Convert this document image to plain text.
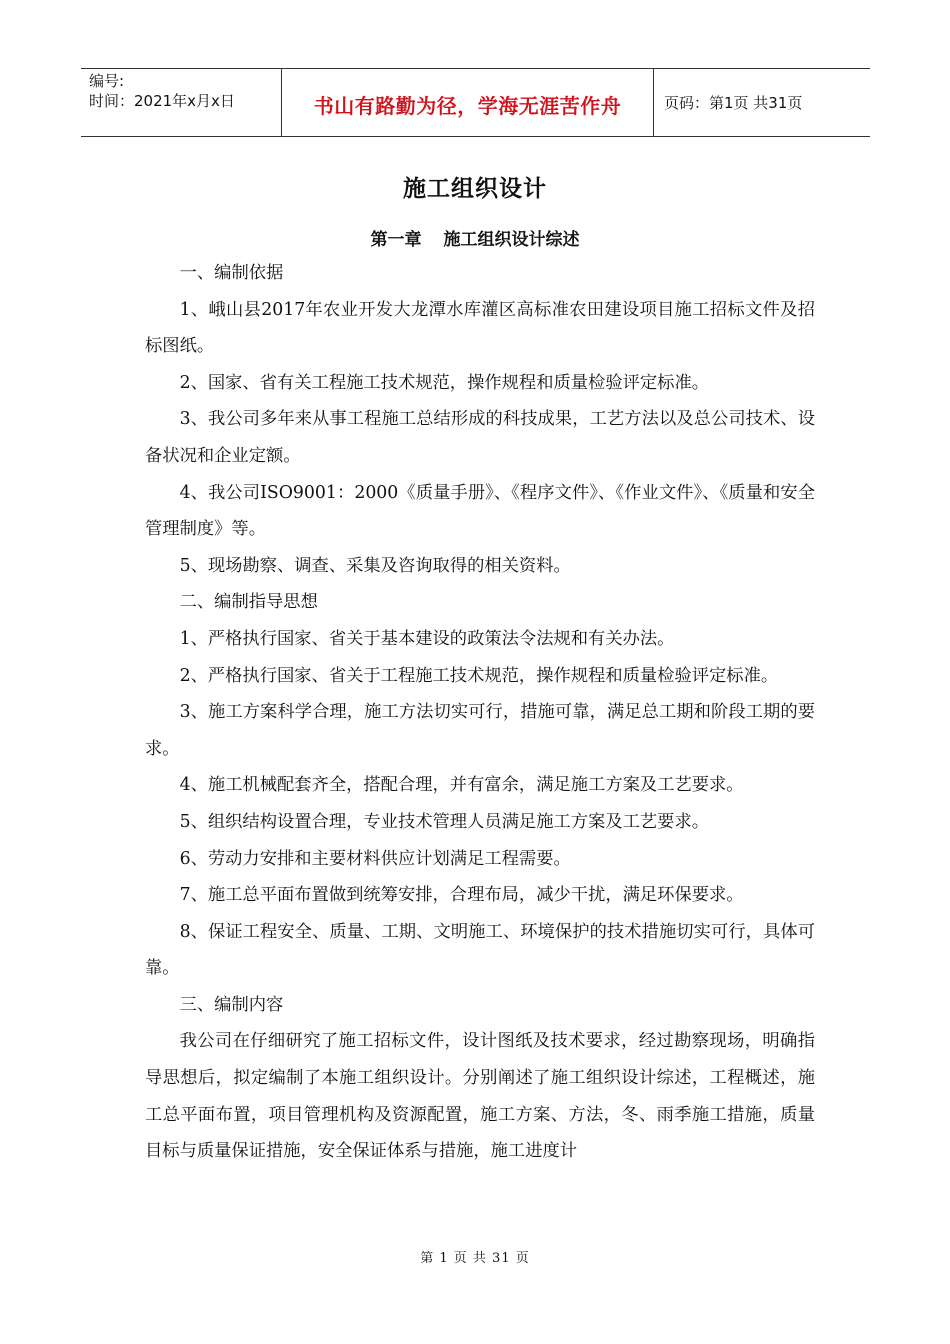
编号:
时间：2021年x月x日	书山有路勤为径，学海无涯苦作舟	页码：第1页 共31页
施工组织设计
第一章 施工组织设计综述

一、编制依据

1、峨山县2017年农业开发大龙潭水库灌区高标准农田建设项目施工招标文件及招标图纸。

2、国家、省有关工程施工技术规范，操作规程和质量检验评定标准。

3、我公司多年来从事工程施工总结形成的科技成果，工艺方法以及总公司技术、设备状况和企业定额。

4、我公司ISO9001：2000《质量手册》、《程序文件》、《作业文件》、《质量和安全管理制度》等。

5、现场勘察、调查、采集及咨询取得的相关资料。

二、编制指导思想

1、严格执行国家、省关于基本建设的政策法令法规和有关办法。

2、严格执行国家、省关于工程施工技术规范，操作规程和质量检验评定标准。

3、施工方案科学合理，施工方法切实可行，措施可靠，满足总工期和阶段工期的要求。

4、施工机械配套齐全，搭配合理，并有富余，满足施工方案及工艺要求。

5、组织结构设置合理，专业技术管理人员满足施工方案及工艺要求。

6、劳动力安排和主要材料供应计划满足工程需要。

7、施工总平面布置做到统筹安排，合理布局，减少干扰，满足环保要求。

8、保证工程安全、质量、工期、文明施工、环境保护的技术措施切实可行，具体可靠。

三、编制内容

我公司在仔细研究了施工招标文件，设计图纸及技术要求，经过勘察现场，明确指导思想后，拟定编制了本施工组织设计。分别阐述了施工组织设计综述，工程概述，施工总平面布置，项目管理机构及资源配置，施工方案、方法，冬、雨季施工措施，质量目标与质量保证措施，安全保证体系与措施，施工进度计

第 1 页 共 31 页
